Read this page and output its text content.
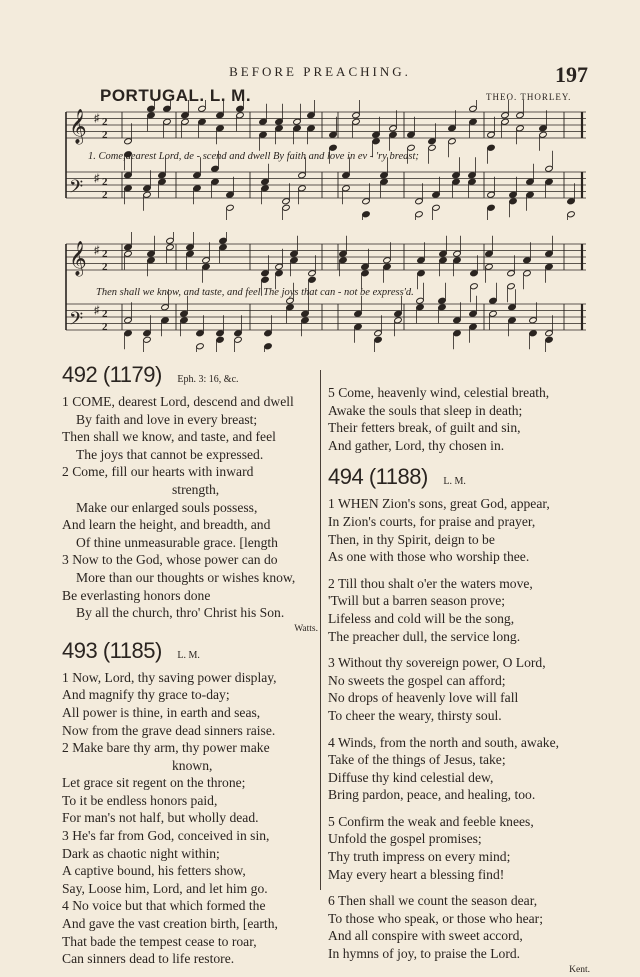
BEFORE PREACHING.	197
PORTUGAL. L. M.	THEO. THORLEY.
𝄞 ♯ 2
2
𝄢 ♯ 2
2
1. Come,dearest Lord, de - scend and dwell By faith and love in ev - 'ry breast;
𝄞 ♯ 2
2
𝄢 ♯ 2
2
Then shall we know, and taste, and feel The joys that can - not be express'd.
492 (1179) Eph. 3: 16, &c.
1 COME, dearest Lord, descend and dwell
By faith and love in every breast;
Then shall we know, and taste, and feel
The joys that cannot be expressed.
2 Come, fill our hearts with inward
strength,
Make our enlarged souls possess,
And learn the height, and breadth, and
Of thine unmeasurable grace. [length
3 Now to the God, whose power can do
More than our thoughts or wishes know,
Be everlasting honors done
By all the church, thro' Christ his Son.
Watts.
493 (1185) L. M.
1 Now, Lord, thy saving power display,
And magnify thy grace to-day;
All power is thine, in earth and seas,
Now from the grave dead sinners raise.
2 Make bare thy arm, thy power make
known,
Let grace sit regent on the throne;
To it be endless honors paid,
For man's not half, but wholly dead.
3 He's far from God, conceived in sin,
Dark as chaotic night within;
A captive bound, his fetters show,
Say, Loose him, Lord, and let him go.
4 No voice but that which formed the
And gave the vast creation birth, [earth,
That bade the tempest cease to roar,
Can sinners dead to life restore.
5 Come, heavenly wind, celestial breath,
Awake the souls that sleep in death;
Their fetters break, of guilt and sin,
And gather, Lord, thy chosen in.
494 (1188) L. M.
1 WHEN Zion's sons, great God, appear,
In Zion's courts, for praise and prayer,
Then, in thy Spirit, deign to be
As one with those who worship thee.
2 Till thou shalt o'er the waters move,
'Twill but a barren season prove;
Lifeless and cold will be the song,
The preacher dull, the service long.
3 Without thy sovereign power, O Lord,
No sweets the gospel can afford;
No drops of heavenly love will fall
To cheer the weary, thirsty soul.
4 Winds, from the north and south, awake,
Take of the things of Jesus, take;
Diffuse thy kind celestial dew,
Bring pardon, peace, and healing, too.
5 Confirm the weak and feeble knees,
Unfold the gospel promises;
Thy truth impress on every mind;
May every heart a blessing find!
6 Then shall we count the season dear,
To those who speak, or those who hear;
And all conspire with sweet accord,
In hymns of joy, to praise the Lord.
Kent.
